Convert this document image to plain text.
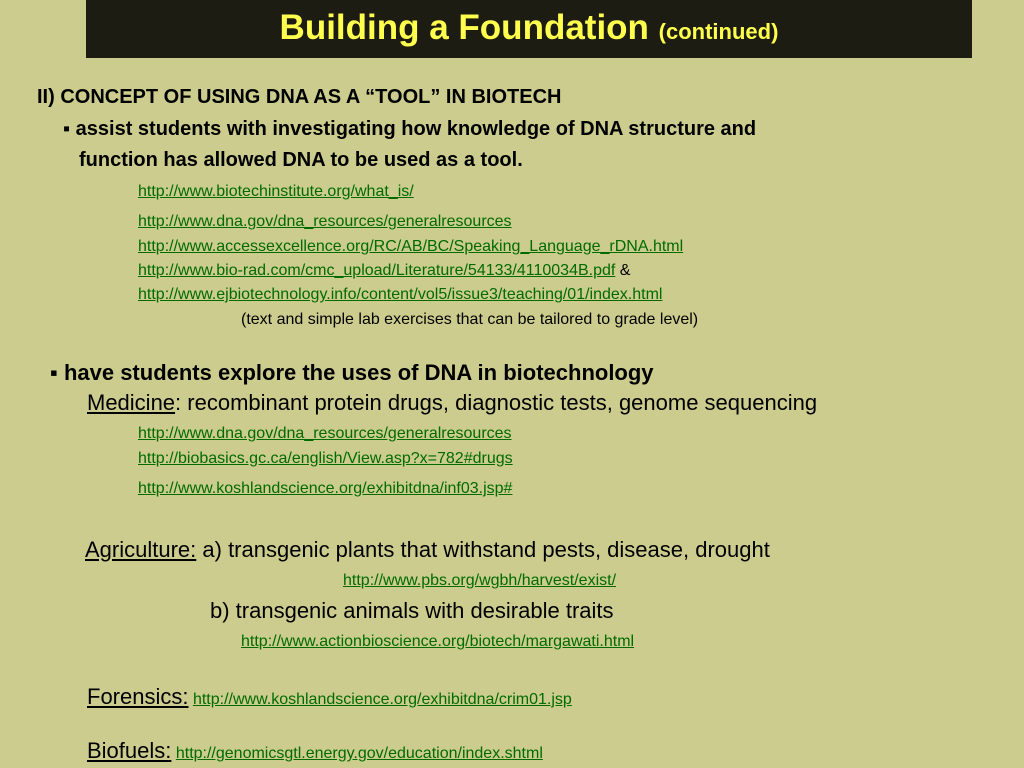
Building a Foundation (continued)
II) CONCEPT OF USING DNA AS A “TOOL” IN BIOTECH
▪ assist students with investigating how knowledge of DNA structure and
function has allowed DNA to be used as a tool.
http://www.biotechinstitute.org/what_is/
http://www.dna.gov/dna_resources/generalresources
http://www.accessexcellence.org/RC/AB/BC/Speaking_Language_rDNA.html
http://www.bio-rad.com/cmc_upload/Literature/54133/4110034B.pdf &
http://www.ejbiotechnology.info/content/vol5/issue3/teaching/01/index.html
(text and simple lab exercises that can be tailored to grade level)
▪ have students explore the uses of DNA in biotechnology
Medicine: recombinant protein drugs, diagnostic tests, genome sequencing
http://www.dna.gov/dna_resources/generalresources
http://biobasics.gc.ca/english/View.asp?x=782#drugs
http://www.koshlandscience.org/exhibitdna/inf03.jsp#
Agriculture: a) transgenic plants that withstand pests, disease, drought
http://www.pbs.org/wgbh/harvest/exist/
b) transgenic animals with desirable traits
http://www.actionbioscience.org/biotech/margawati.html
Forensics: http://www.koshlandscience.org/exhibitdna/crim01.jsp
Biofuels: http://genomicsgtl.energy.gov/education/index.shtml
